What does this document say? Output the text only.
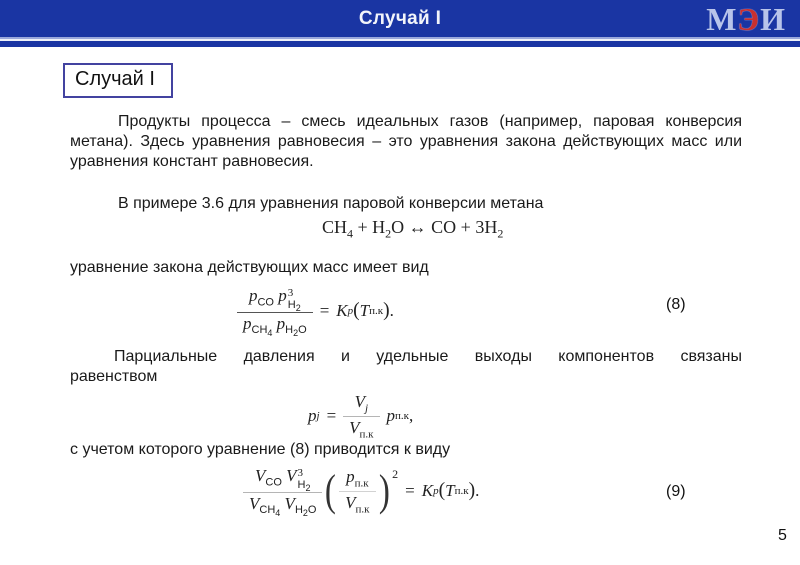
Случай I	МЭИ
Случай I
Продукты процесса – смесь идеальных газов (например, паровая конверсия метана). Здесь уравнения равновесия – это уравнения закона действующих масс или уравнения констант равновесия.
В примере 3.6 для уравнения паровой конверсии метана
$CH_4 + H_2O$ ↔ CO + $3H_2$
уравнение закона действующих масс имеет вид
$p_{CO}$ p 3
$H_2$
$p_{CH_4}$ $p_{H_2O} = K$ p ( T п.к ) .	(8)
Парциальные давления и удельные выходы компонентов связаны
равенством
p $j = \frac{V_j}{V_{п.к}}$ p п.к ,
с учетом которого уравнение (8) приводится к виду
$V_{CO}$ V 3
$H_2$
$V_{CH_4}$ $V_{H_2O}$ ( $\frac{p_{п.к}}{V_{п.к}}$ ) 2
= K p ( T п.к ) .	(9)
5
